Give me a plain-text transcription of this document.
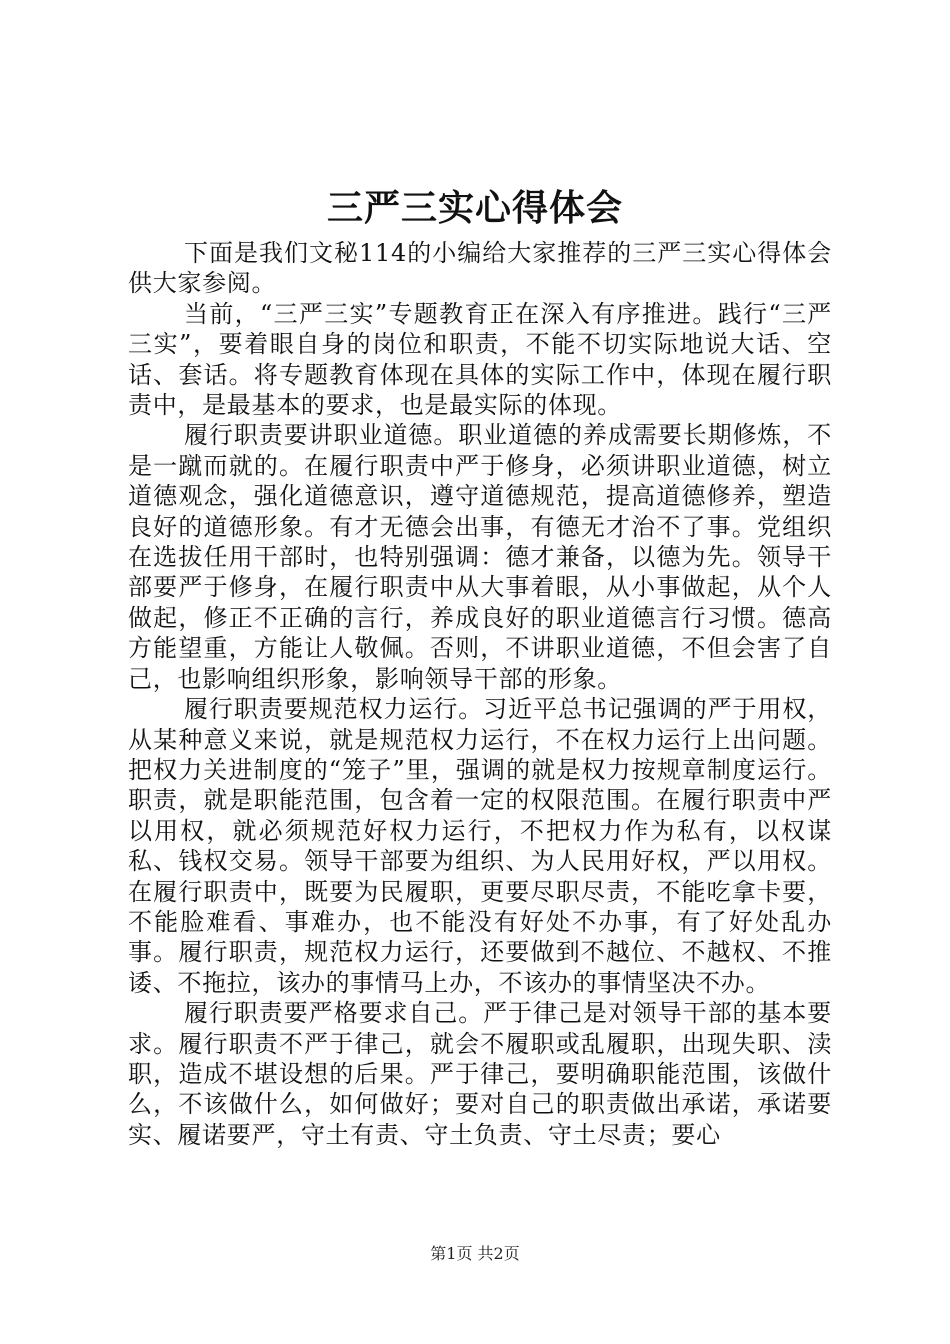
三严三实心得体会

下面是我们文秘114的小编给大家推荐的三严三实心得体会供大家参阅。

当前，“三严三实”专题教育正在深入有序推进。践行“三严三实”，要着眼自身的岗位和职责，不能不切实际地说大话、空话、套话。将专题教育体现在具体的实际工作中，体现在履行职责中，是最基本的要求，也是最实际的体现。

履行职责要讲职业道德。职业道德的养成需要长期修炼，不是一蹴而就的。在履行职责中严于修身，必须讲职业道德，树立道德观念，强化道德意识，遵守道德规范，提高道德修养，塑造良好的道德形象。有才无德会出事，有德无才治不了事。党组织在选拔任用干部时，也特别强调：德才兼备，以德为先。领导干部要严于修身，在履行职责中从大事着眼，从小事做起，从个人做起，修正不正确的言行，养成良好的职业道德言行习惯。德高方能望重，方能让人敬佩。否则，不讲职业道德，不但会害了自己，也影响组织形象，影响领导干部的形象。

履行职责要规范权力运行。习近平总书记强调的严于用权，从某种意义来说，就是规范权力运行，不在权力运行上出问题。把权力关进制度的“笼子”里，强调的就是权力按规章制度运行。职责，就是职能范围，包含着一定的权限范围。在履行职责中严以用权，就必须规范好权力运行，不把权力作为私有，以权谋私、钱权交易。领导干部要为组织、为人民用好权，严以用权。在履行职责中，既要为民履职，更要尽职尽责，不能吃拿卡要，不能脸难看、事难办，也不能没有好处不办事，有了好处乱办事。履行职责，规范权力运行，还要做到不越位、不越权、不推诿、不拖拉，该办的事情马上办，不该办的事情坚决不办。

履行职责要严格要求自己。严于律己是对领导干部的基本要求。履行职责不严于律己，就会不履职或乱履职，出现失职、渎职，造成不堪设想的后果。严于律己，要明确职能范围，该做什么，不该做什么，如何做好；要对自己的职责做出承诺，承诺要实、履诺要严，守土有责、守土负责、守土尽责；要心

第1页 共2页
